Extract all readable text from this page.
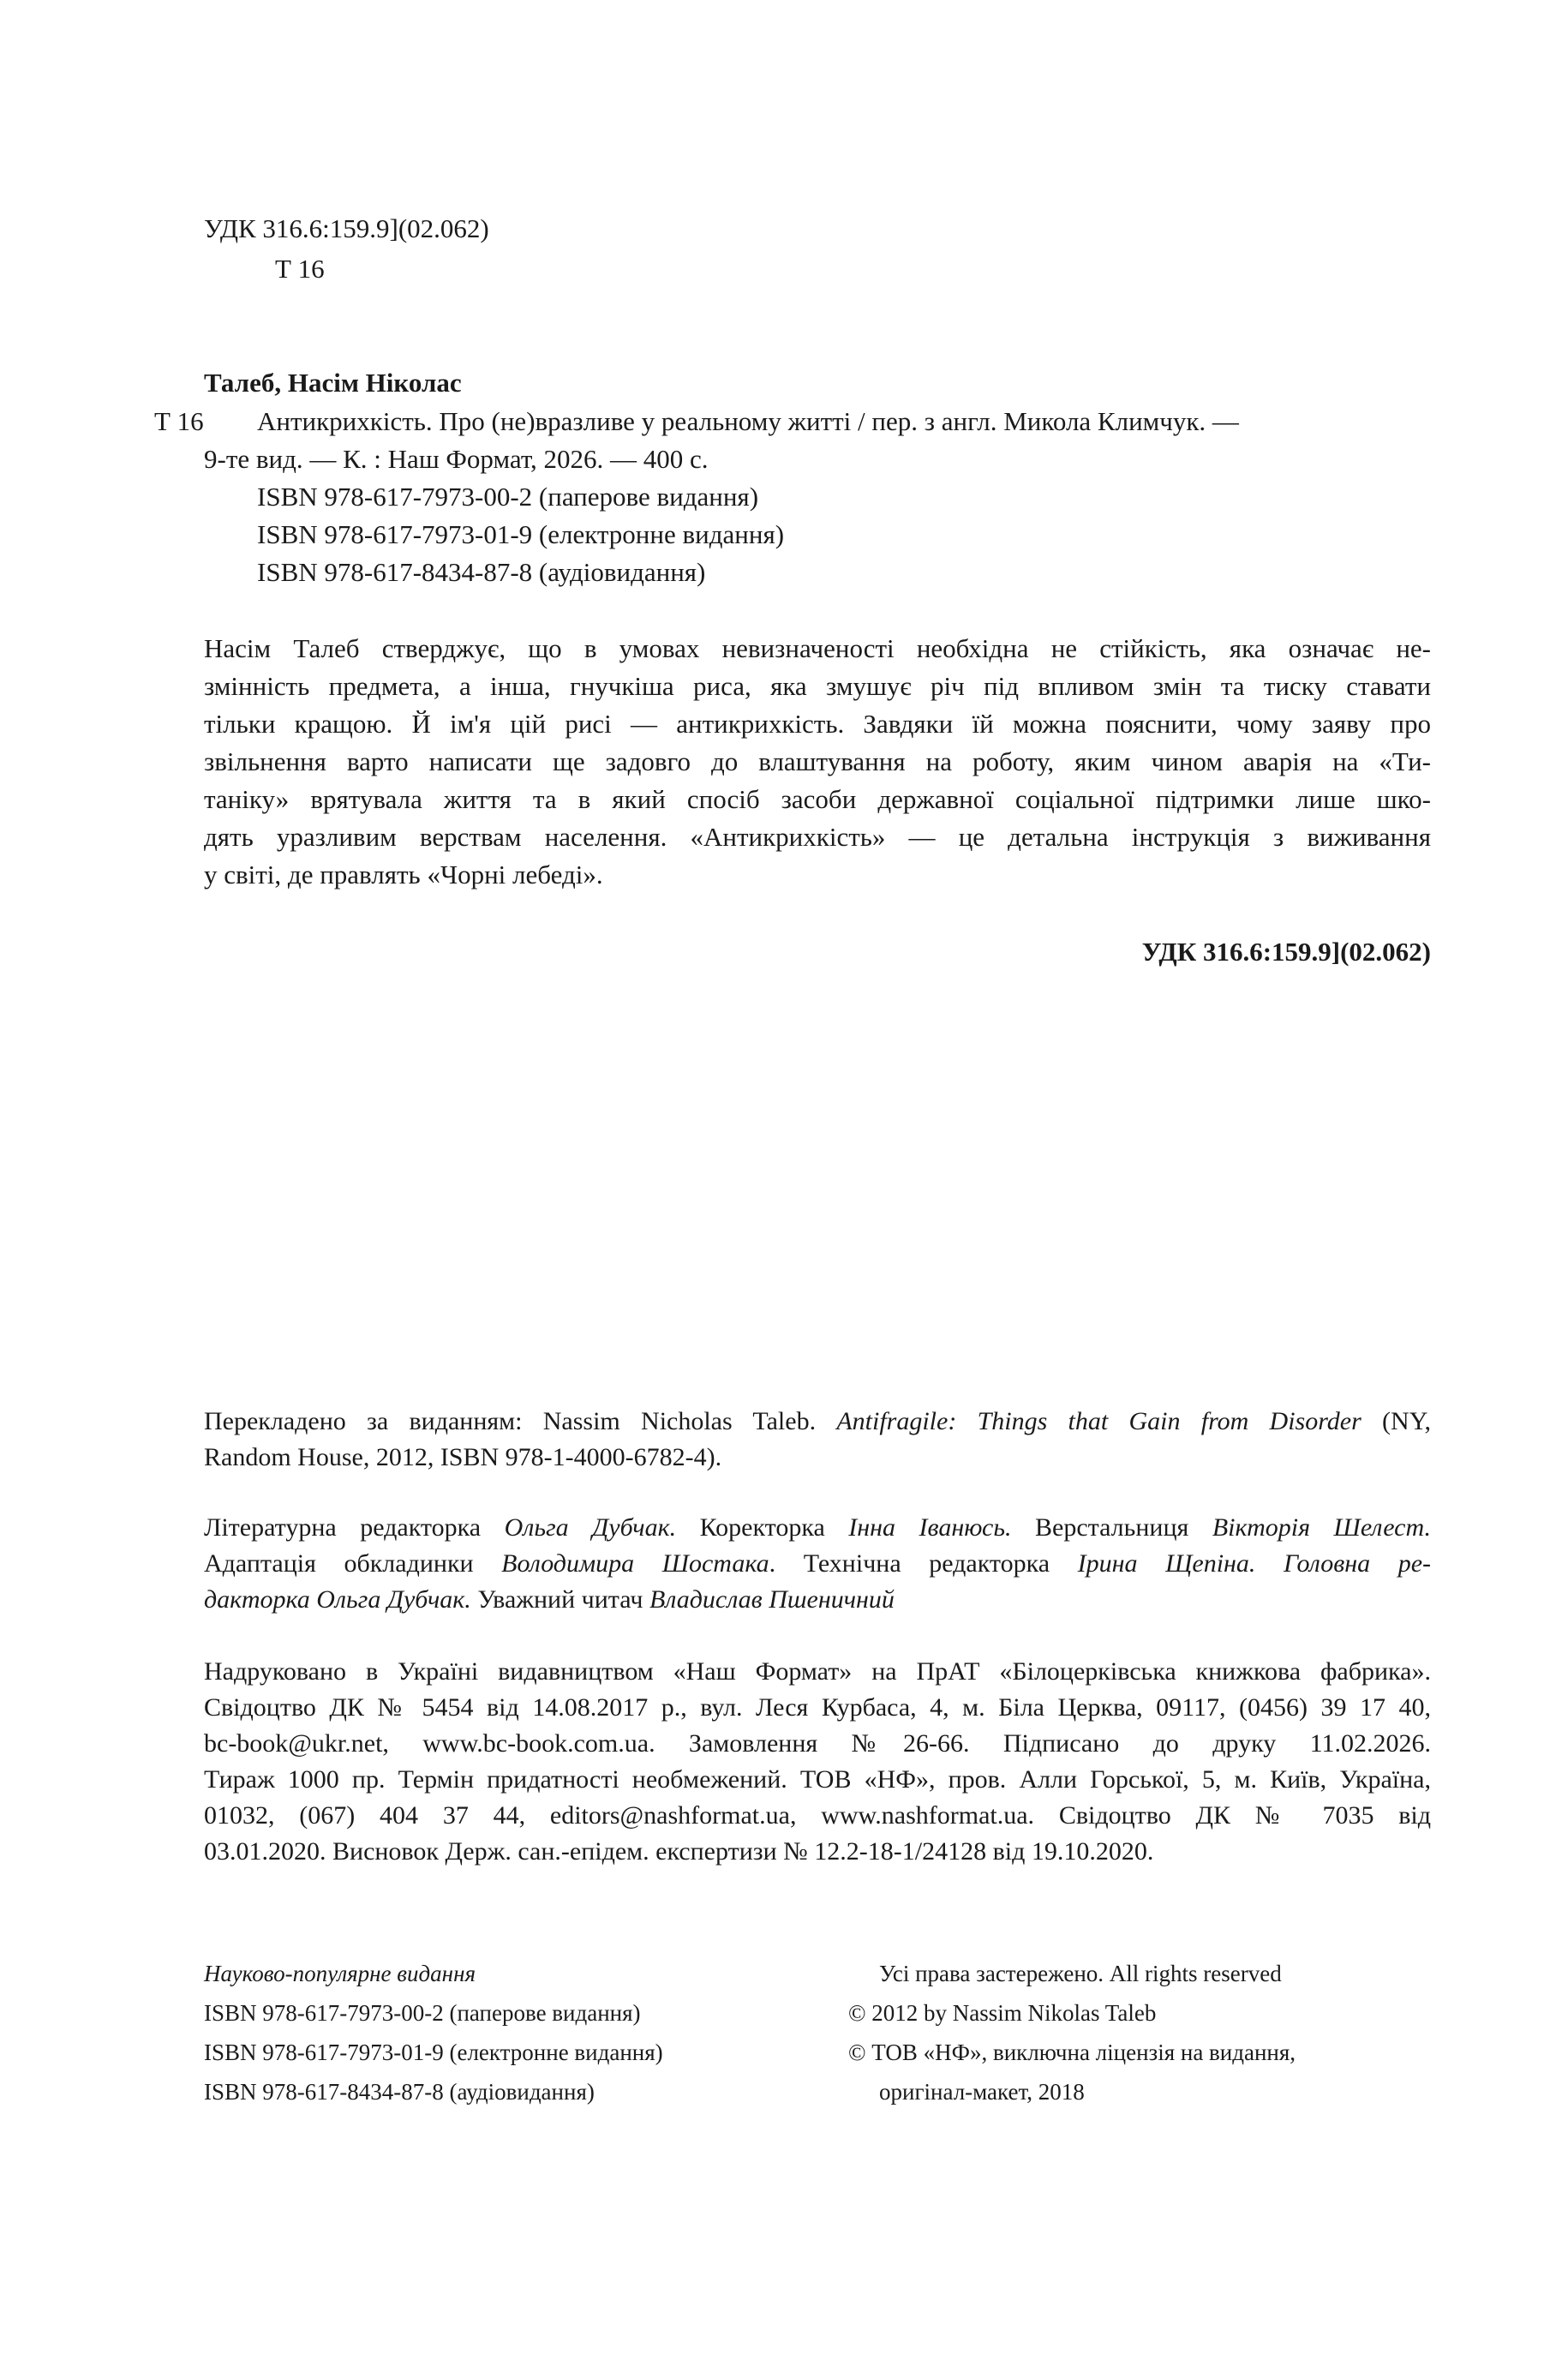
УДК 316.6:159.9](02.062)
Т 16
Талеб, Насім Ніколас
Т 16 Антикрихкість. Про (не)вразливе у реальному житті / пер. з англ. Микола Климчук. —
9-те вид. — К. : Наш Формат, 2026. — 400 с.
ISBN 978-617-7973-00-2 (паперове видання)
ISBN 978-617-7973-01-9 (електронне видання)
ISBN 978-617-8434-87-8 (аудіовидання)
Насім Талеб стверджує, що в умовах невизначеності необхідна не стійкість, яка означає не-
змінність предмета, а інша, гнучкіша риса, яка змушує річ під впливом змін та тиску ставати
тільки кращою. Й ім'я цій рисі — антикрихкість. Завдяки їй можна пояснити, чому заяву про
звільнення варто написати ще задовго до влаштування на роботу, яким чином аварія на «Ти-
таніку» врятувала життя та в який спосіб засоби державної соціальної підтримки лише шко-
дять уразливим верствам населення. «Антикрихкість» — це детальна інструкція з виживання
у світі, де правлять «Чорні лебеді».
УДК 316.6:159.9](02.062)
Перекладено за виданням: Nassim Nicholas Taleb. Antifragile: Things that Gain from Disorder (NY,
Random House, 2012, ISBN 978-1-4000-6782-4).
Літературна редакторка Ольга Дубчак. Коректорка Інна Іванюсь. Верстальниця Вікторія Шелест.
Адаптація обкладинки Володимира Шостака. Технічна редакторка Ірина Щепіна. Головна ре-
дакторка Ольга Дубчак. Уважний читач Владислав Пшеничний
Надруковано в Україні видавництвом «Наш Формат» на ПрАТ «Білоцерківська книжкова фабрика».
Свідоцтво ДК № 5454 від 14.08.2017 р., вул. Леся Курбаса, 4, м. Біла Церква, 09117, (0456) 39 17 40,
bc-book@ukr.net, www.bc-book.com.ua. Замовлення №26-66. Підписано до друку 11.02.2026.
Тираж 1000 пр. Термін придатності необмежений. ТОВ «НФ», пров. Алли Горської, 5, м. Київ, Україна,
01032, (067) 404 37 44, editors@nashformat.ua, www.nashformat.ua. Свідоцтво ДК № 7035 від
03.01.2020. Висновок Держ. сан.-епідем. експертизи № 12.2-18-1/24128 від 19.10.2020.
Науково-популярне видання
ISBN 978-617-7973-00-2 (паперове видання)
ISBN 978-617-7973-01-9 (електронне видання)
ISBN 978-617-8434-87-8 (аудіовидання)
Усі права застережено. All rights reserved
© 2012 by Nassim Nikolas Taleb
© ТОВ «НФ», виключна ліцензія на видання,
оригінал-макет, 2018
